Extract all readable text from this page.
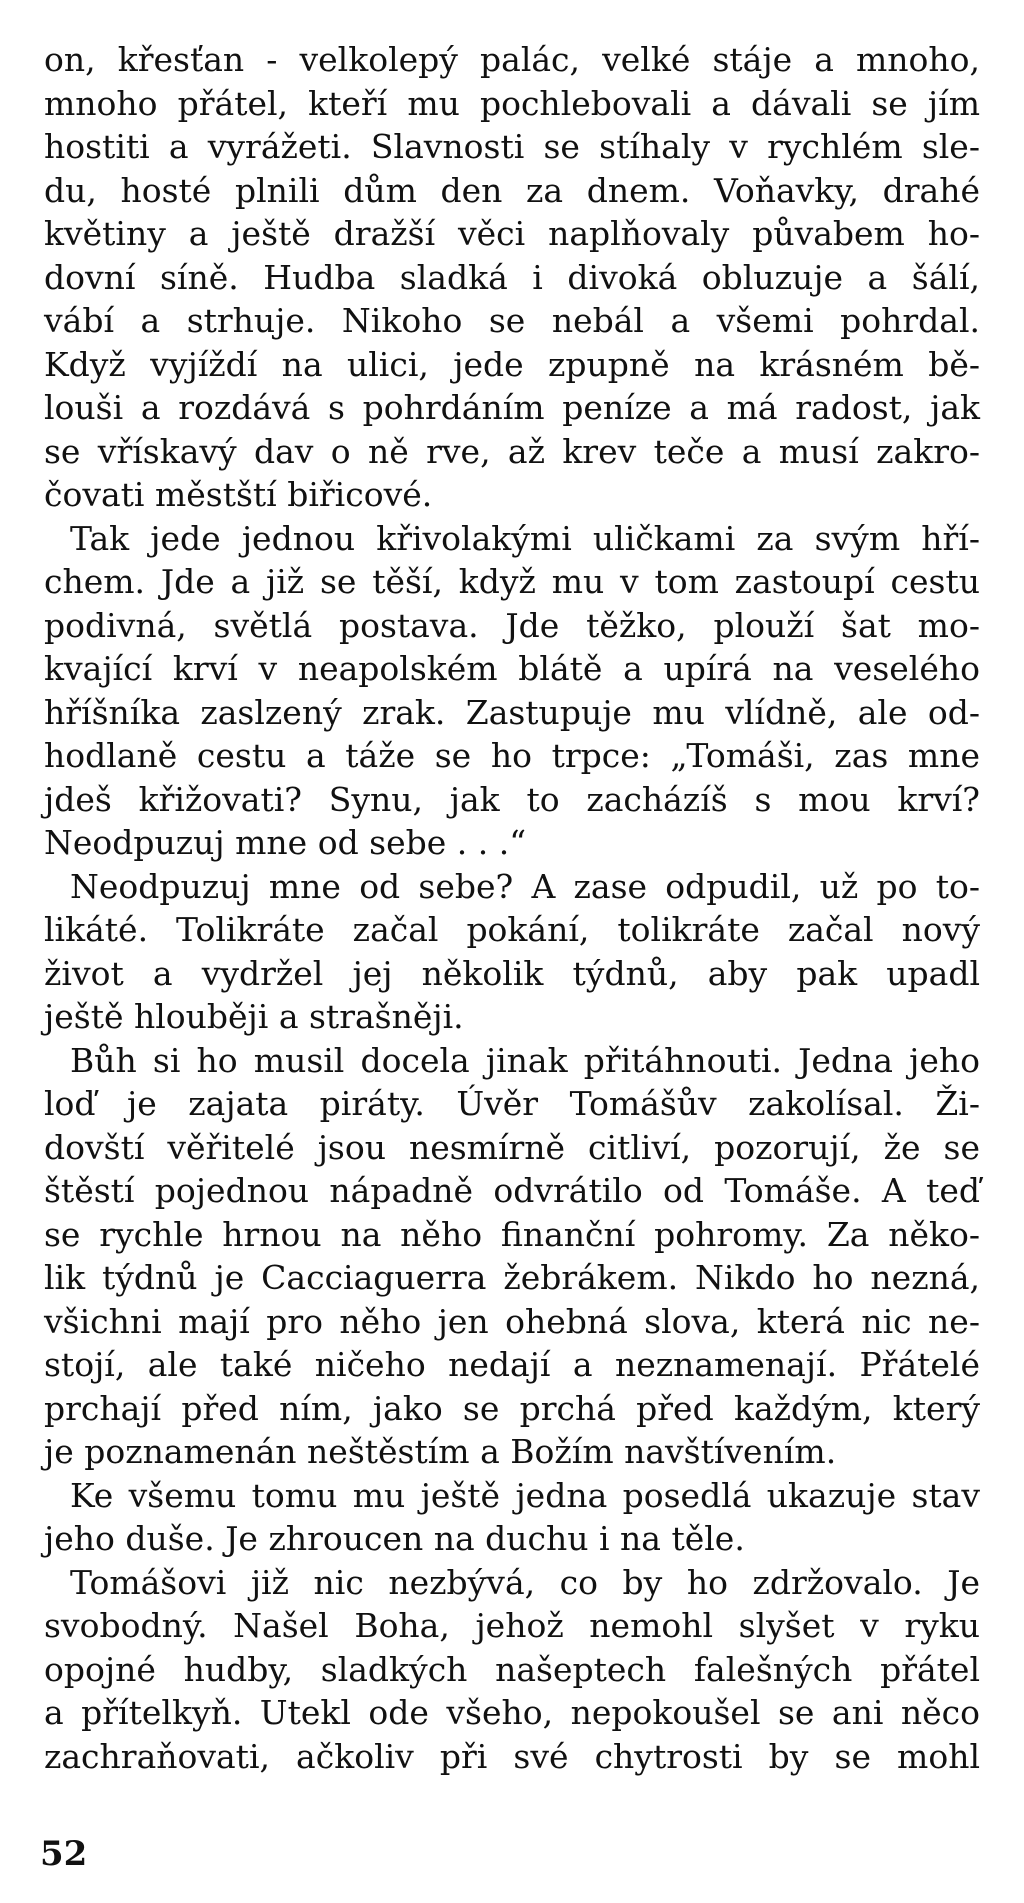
on, křesťan - velkolepý palác, velké stáje a mnoho,
mnoho přátel, kteří mu pochlebovali a dávali se jím
hostiti a vyrážeti. Slavnosti se stíhaly v rychlém sle-
du, hosté plnili dům den za dnem. Voňavky, drahé
květiny a ještě dražší věci naplňovaly půvabem ho-
dovní síně. Hudba sladká i divoká obluzuje a šálí,
vábí a strhuje. Nikoho se nebál a všemi pohrdal.
Když vyjíždí na ulici, jede zpupně na krásném bě-
louši a rozdává s pohrdáním peníze a má radost, jak
se vřískavý dav o ně rve, až krev teče a musí zakro-
čovati městští biřicové.
Tak jede jednou křivolakými uličkami za svým hří-
chem. Jde a již se těší, když mu v tom zastoupí cestu
podivná, světlá postava. Jde těžko, plouží šat mo-
kvající krví v neapolském blátě a upírá na veselého
hříšníka zaslzený zrak. Zastupuje mu vlídně, ale od-
hodlaně cestu a táže se ho trpce: „Tomáši, zas mne
jdeš křižovati? Synu, jak to zacházíš s mou krví?
Neodpuzuj mne od sebe . . .“
Neodpuzuj mne od sebe? A zase odpudil, už po to-
likáté. Tolikráte začal pokání, tolikráte začal nový
život a vydržel jej několik týdnů, aby pak upadl
ještě hlouběji a strašněji.
Bůh si ho musil docela jinak přitáhnouti. Jedna jeho
loď je zajata piráty. Úvěr Tomášův zakolísal. Ži-
dovští věřitelé jsou nesmírně citliví, pozorují, že se
štěstí pojednou nápadně odvrátilo od Tomáše. A teď
se rychle hrnou na něho finanční pohromy. Za něko-
lik týdnů je Cacciaguerra žebrákem. Nikdo ho nezná,
všichni mají pro něho jen ohebná slova, která nic ne-
stojí, ale také ničeho nedají a neznamenají. Přátelé
prchají před ním, jako se prchá před každým, který
je poznamenán neštěstím a Božím navštívením.
Ke všemu tomu mu ještě jedna posedlá ukazuje stav
jeho duše. Je zhroucen na duchu i na těle.
Tomášovi již nic nezbývá, co by ho zdržovalo. Je
svobodný. Našel Boha, jehož nemohl slyšet v ryku
opojné hudby, sladkých našeptech falešných přátel
a přítelkyň. Utekl ode všeho, nepokoušel se ani něco
zachraňovati, ačkoliv při své chytrosti by se mohl
52
